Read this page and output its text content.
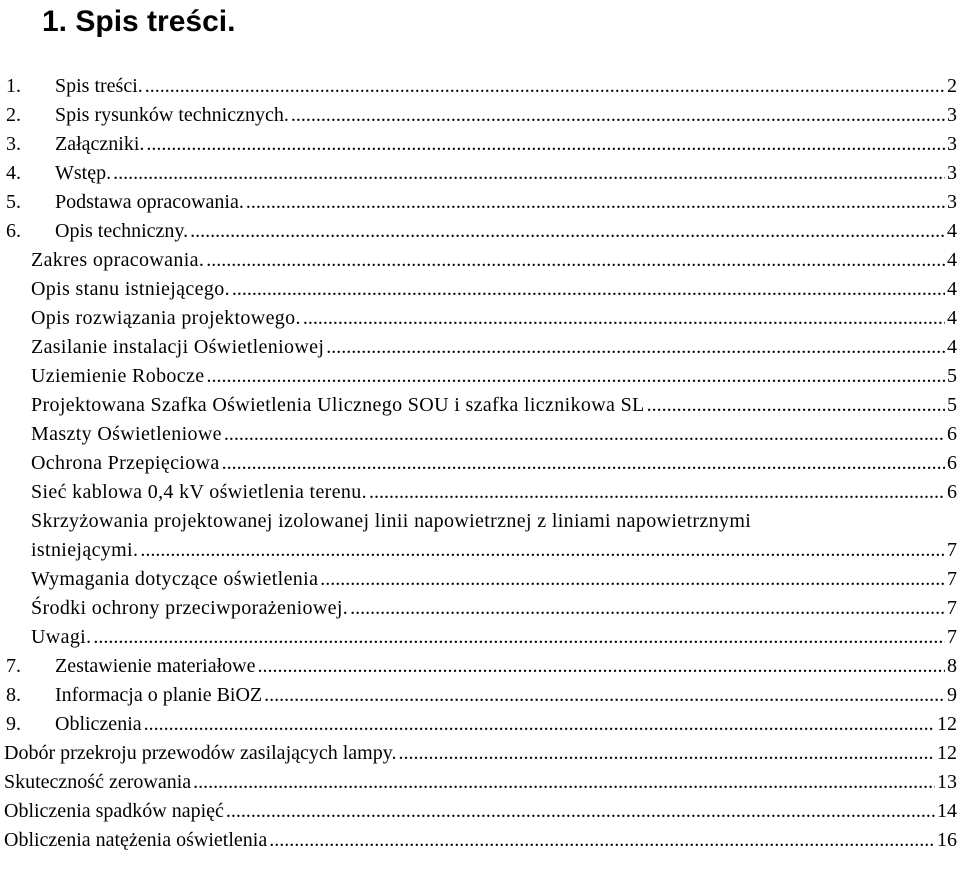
1. Spis treści.
1.	Spis treści. .....	2
2.	Spis rysunków technicznych. .....	3
3.	Załączniki. .....	3
4.	Wstęp. .....	3
5.	Podstawa opracowania. .....	3
6.	Opis techniczny. .....	4
Zakres opracowania. .....	4
Opis stanu istniejącego. .....	4
Opis rozwiązania projektowego. .....	4
Zasilanie instalacji Oświetleniowej .....	4
Uziemienie Robocze .....	5
Projektowana Szafka Oświetlenia Ulicznego SOU i szafka licznikowa SL .....	5
Maszty Oświetleniowe .....	6
Ochrona Przepięciowa .....	6
Sieć kablowa 0,4 kV oświetlenia terenu. .....	6
Skrzyżowania projektowanej izolowanej linii napowietrznej z liniami napowietrznymi
istniejącymi. .....	7
Wymagania dotyczące oświetlenia .....	7
Środki ochrony przeciwporażeniowej. .....	7
Uwagi. .....	7
7.	Zestawienie materiałowe .....	8
8.	Informacja o planie BiOZ .....	9
9.	Obliczenia .....	12
Dobór przekroju przewodów zasilających lampy. .....	12
Skuteczność zerowania .....	13
Obliczenia spadków napięć .....	14
Obliczenia natężenia oświetlenia .....	16
